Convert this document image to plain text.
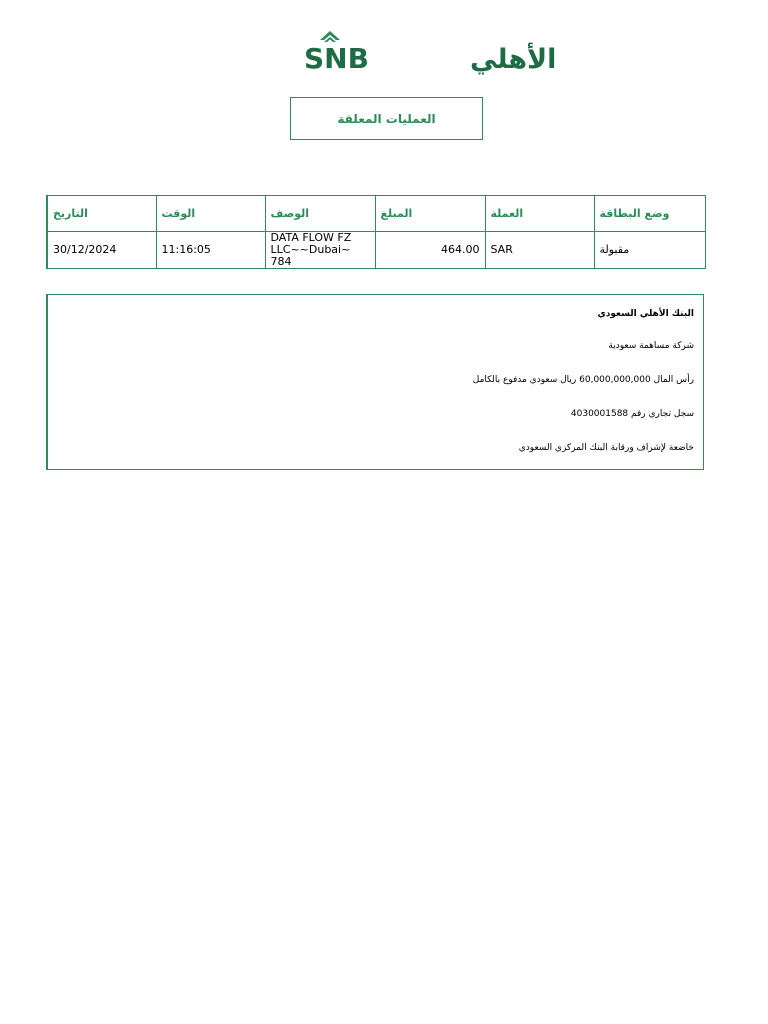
SNB	الأهلي
العمليات المعلقة
التاريخ	الوقت	الوصف	المبلغ	العملة	وضع البطاقة

30/12/2024	11:16:05	DATA FLOW FZ LLC~~Dubai~ 784	464.00	SAR	مقبولة
البنك الأهلي السعودي
شركة مساهمة سعودية
رأس المال 60,000,000,000 ريال سعودي مدفوع بالكامل
سجل تجاري رقم 4030001588
خاضعة لإشراف ورقابة البنك المركزي السعودي
